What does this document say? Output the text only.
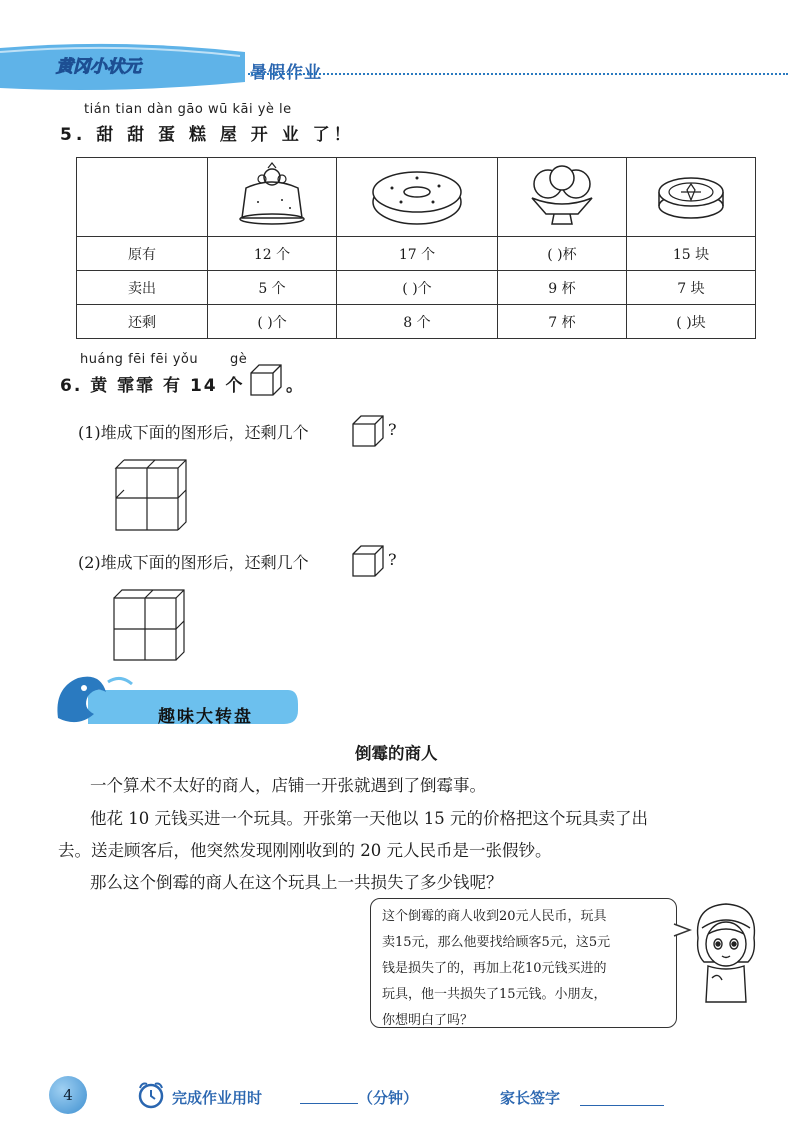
黄冈小状元	暑假作业
tián tian dàn gāo wū kāi yè le
5. 甜 甜 蛋 糕 屋 开 业 了！

原有	12 个	17 个	( )杯	15 块
卖出	5 个	( )个	9 杯	7 块
还剩	( )个	8 个	7 杯	( )块
huáng fēi fēi yǒu gè
6. 黄 霏霏 有 14 个 。
(1)堆成下面的图形后，还剩几个	?
(2)堆成下面的图形后，还剩几个	?
趣味大转盘
倒霉的商人
一个算术不太好的商人，店铺一开张就遇到了倒霉事。
他花 10 元钱买进一个玩具。开张第一天他以 15 元的价格把这个玩具卖了出
去。送走顾客后，他突然发现刚刚收到的 20 元人民币是一张假钞。
那么这个倒霉的商人在这个玩具上一共损失了多少钱呢？
这个倒霉的商人收到20元人民币，玩具
卖15元，那么他要找给顾客5元，这5元
钱是损失了的，再加上花10元钱买进的
玩具，他一共损失了15元钱。小朋友，
你想明白了吗？
4	完成作业用时	（分钟）	家长签字
